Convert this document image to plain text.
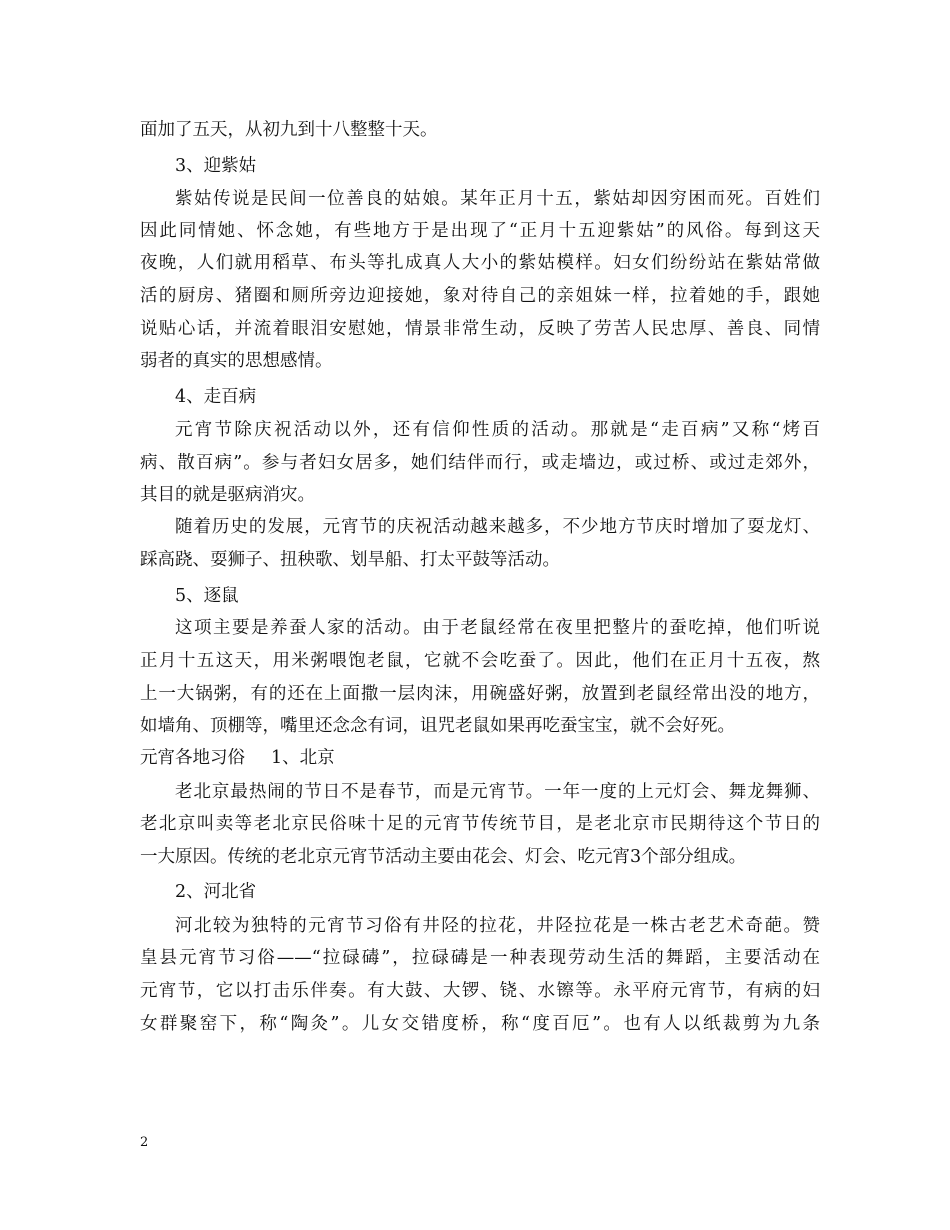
面加了五天，从初九到十八整整十天。

3、迎紫姑

紫姑传说是民间一位善良的姑娘。某年正月十五，紫姑却因穷困而死。百姓们

因此同情她、怀念她，有些地方于是出现了“正月十五迎紫姑”的风俗。每到这天

夜晚，人们就用稻草、布头等扎成真人大小的紫姑模样。妇女们纷纷站在紫姑常做

活的厨房、猪圈和厕所旁边迎接她，象对待自己的亲姐妹一样，拉着她的手，跟她

说贴心话，并流着眼泪安慰她，情景非常生动，反映了劳苦人民忠厚、善良、同情

弱者的真实的思想感情。

4、走百病

元宵节除庆祝活动以外，还有信仰性质的活动。那就是“走百病”又称“烤百

病、散百病”。参与者妇女居多，她们结伴而行，或走墙边，或过桥、或过走郊外，

其目的就是驱病消灾。

随着历史的发展，元宵节的庆祝活动越来越多，不少地方节庆时增加了耍龙灯、

踩高跷、耍狮子、扭秧歌、划旱船、打太平鼓等活动。

5、逐鼠

这项主要是养蚕人家的活动。由于老鼠经常在夜里把整片的蚕吃掉，他们听说

正月十五这天，用米粥喂饱老鼠，它就不会吃蚕了。因此，他们在正月十五夜，熬

上一大锅粥，有的还在上面撒一层肉沫，用碗盛好粥，放置到老鼠经常出没的地方，

如墙角、顶棚等，嘴里还念念有词，诅咒老鼠如果再吃蚕宝宝，就不会好死。

元宵各地习俗 1、北京

老北京最热闹的节日不是春节，而是元宵节。一年一度的上元灯会、舞龙舞狮、

老北京叫卖等老北京民俗味十足的元宵节传统节目，是老北京市民期待这个节日的

一大原因。传统的老北京元宵节活动主要由花会、灯会、吃元宵3个部分组成。

2、河北省

河北较为独特的元宵节习俗有井陉的拉花，井陉拉花是一株古老艺术奇葩。赞

皇县元宵节习俗——“拉碌碡”，拉碌碡是一种表现劳动生活的舞蹈，主要活动在

元宵节，它以打击乐伴奏。有大鼓、大锣、铙、水镲等。永平府元宵节，有病的妇

女群聚窑下，称“陶灸”。儿女交错度桥，称“度百厄”。也有人以纸裁剪为九条

2
